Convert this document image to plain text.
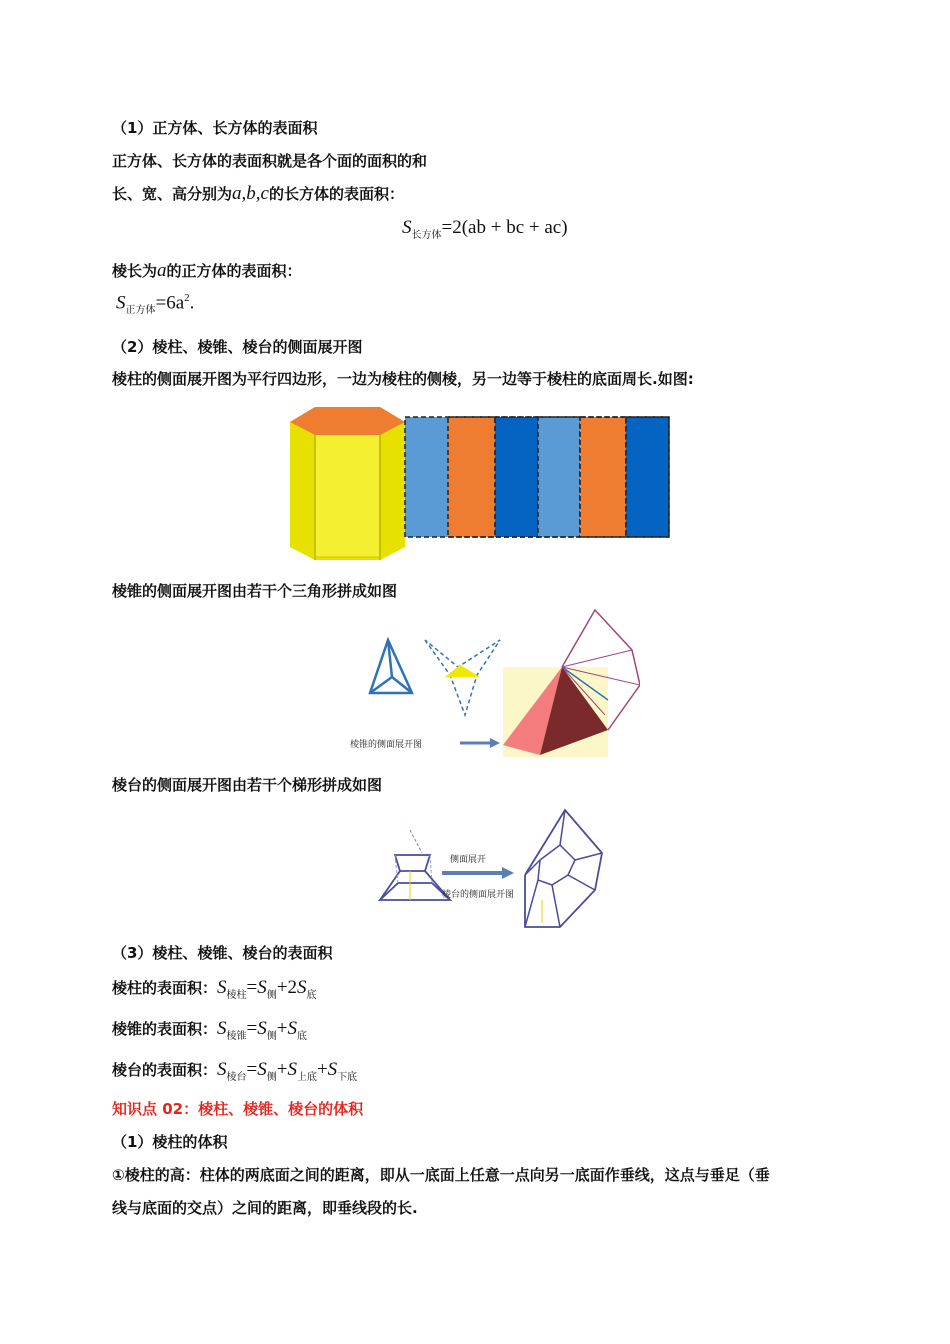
（1）正方体、长方体的表面积
正方体、长方体的表面积就是各个面的面积的和
长、宽、高分别为a,b,c的长方体的表面积：
$S_{长方体}=2(ab$ + bc + ac)
棱长为a的正方体的表面积：
$S_{正方体}=6a^2$.
（2）棱柱、棱锥、棱台的侧面展开图
棱柱的侧面展开图为平行四边形，一边为棱柱的侧棱，另一边等于棱柱的底面周长.如图:
棱锥的侧面展开图由若干个三角形拼成如图
棱锥的侧面展开图
棱台的侧面展开图由若干个梯形拼成如图
侧面展开
棱台的侧面展开图
（3）棱柱、棱锥、棱台的表面积
棱柱的表面积：$S_{棱柱}=S_侧+2S_底$
棱锥的表面积：$S_{棱锥}=S_侧+S_底$
棱台的表面积：$S_{棱台}=S_侧+S_{上底}+S_{下底}$
知识点 02：棱柱、棱锥、棱台的体积
（1）棱柱的体积
①棱柱的高：柱体的两底面之间的距离，即从一底面上任意一点向另一底面作垂线，这点与垂足（垂
线与底面的交点）之间的距离，即垂线段的长.
